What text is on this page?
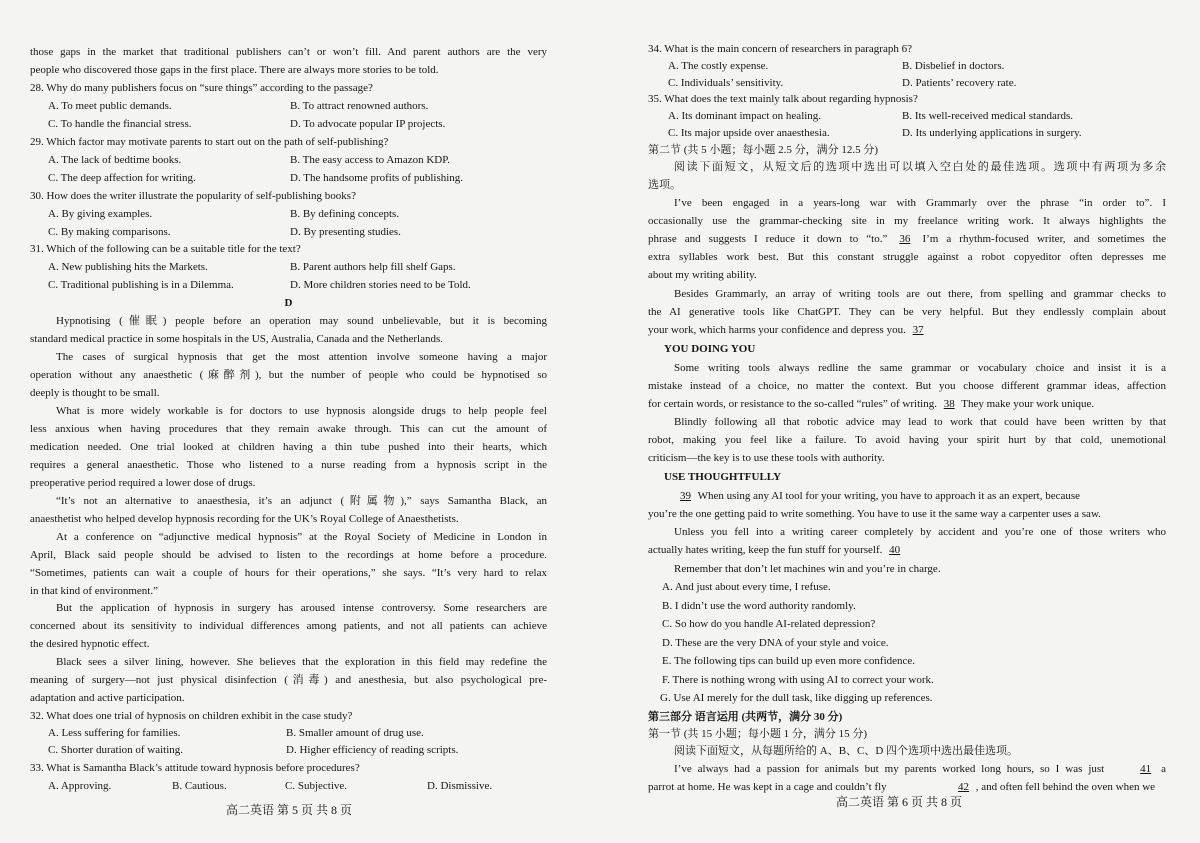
those gaps in the market that traditional publishers can’t or won’t fill. And parent authors are the very
people who discovered those gaps in the first place. There are always more stories to be told.
28. Why do many publishers focus on “sure things” according to the passage?
29. Which factor may motivate parents to start out on the path of self-publishing?
30. How does the writer illustrate the popularity of self-publishing books?
31. Which of the following can be a suitable title for the text?
Hypnotising (催眠) people before an operation may sound unbelievable, but it is becoming
standard medical practice in some hospitals in the US, Australia, Canada and the Netherlands.
The cases of surgical hypnosis that get the most attention involve someone having a major
operation without any anaesthetic (麻醉剂), but the number of people who could be hypnotised so
deeply is thought to be small.
What is more widely workable is for doctors to use hypnosis alongside drugs to help people feel
less anxious when having procedures that they remain awake through. This can cut the amount of
medication needed. One trial looked at children having a thin tube pushed into their hearts, which
requires a general anaesthetic. Those who listened to a nurse reading from a hypnosis script in the
preoperative period required a lower dose of drugs.
“It’s not an alternative to anaesthesia, it’s an adjunct (附属物),” says Samantha Black, an
anaesthetist who helped develop hypnosis recording for the UK’s Royal College of Anaesthetists.
At a conference on “adjunctive medical hypnosis” at the Royal Society of Medicine in London in
April, Black said people should be advised to listen to the recordings at home before a procedure.
“Sometimes, patients can wait a couple of hours for their operations,” she says. “It’s very hard to relax
in that kind of environment.”
But the application of hypnosis in surgery has aroused intense controversy. Some researchers are
concerned about its sensitivity to individual differences among patients, and not all patients can achieve
the desired hypnotic effect.
Black sees a silver lining, however. She believes that the exploration in this field may redefine the
meaning of surgery—not just physical disinfection (消毒) and anesthesia, but also psychological pre-
adaptation and active participation.
32. What does one trial of hypnosis on children exhibit in the case study?
33. What is Samantha Black’s attitude toward hypnosis before procedures?
A. To meet public demands.	B. To attract renowned authors.
C. To handle the financial stress.	D. To advocate popular IP projects.
A. The lack of bedtime books.	B. The easy access to Amazon KDP.
C. The deep affection for writing.	D. The handsome profits of publishing.
A. By giving examples.	B. By defining concepts.
C. By making comparisons.	D. By presenting studies.
A. New publishing hits the Markets.	B. Parent authors help fill shelf Gaps.
C. Traditional publishing is in a Dilemma.	D. More children stories need to be Told.
A. Less suffering for families.	B. Smaller amount of drug use.
C. Shorter duration of waiting.	D. Higher efficiency of reading scripts.
A. Approving.	B. Cautious.	C. Subjective.	D. Dismissive.
D
高二英语 第 5 页 共 8 页
34. What is the main concern of researchers in paragraph 6?
35. What does the text mainly talk about regarding hypnosis?
第二节 (共 5 小题；每小题 2.5 分，满分 12.5 分)
阅读下面短文，从短文后的选项中选出可以填入空白处的最佳选项。选项中有两项为多余
选项。
I’ve been engaged in a years-long war with Grammarly over the phrase “in order to”. I
occasionally use the grammar-checking site in my freelance writing work. It always highlights the
extra syllables work best. But this constant struggle against a robot copyeditor often depresses me
about my writing ability.
Besides Grammarly, an array of writing tools are out there, from spelling and grammar checks to
the AI generative tools like ChatGPT. They can be very helpful. But they endlessly complain about
Some writing tools always redline the same grammar or vocabulary choice and insist it is a
mistake instead of a choice, no matter the context. But you choose different grammar ideas, affection
Blindly following all that robotic advice may lead to work that could have been written by that
robot, making you feel like a failure. To avoid having your spirit hurt by that cold, unemotional
criticism—the key is to use these tools with authority.
you’re the one getting paid to write something. You have to use it the same way a carpenter uses a saw.
Unless you fell into a writing career completely by accident and you’re one of those writers who
Remember that don’t let machines win and you’re in charge.
阅读下面短文，从每题所给的 A、B、C、D 四个选项中选出最佳选项。
parrot at home. He was kept in a cage and couldn’t fly
A. The costly expense.	B. Disbelief in doctors.
C. Individuals’ sensitivity.	D. Patients’ recovery rate.
A. Its dominant impact on healing.	B. Its well-received medical standards.
C. Its major upside over anaesthesia.	D. Its underlying applications in surgery.
phrase and suggests I reduce it down to “to.” 36 I’m a rhythm-focused writer, and sometimes the
your work, which harms your confidence and depress you. 37
YOU DOING YOU
for certain words, or resistance to the so-called “rules” of writing. 38 They make your work unique.
USE THOUGHTFULLY
39 When using any AI tool for your writing, you have to approach it as an expert, because
actually hates writing, keep the fun stuff for yourself. 40
A. And just about every time, I refuse.
B. I didn’t use the word authority randomly.
C. So how do you handle AI-related depression?
D. These are the very DNA of your style and voice.
E. The following tips can build up even more confidence.
F. There is nothing wrong with using AI to correct your work.
G. Use AI merely for the dull task, like digging up references.
第三部分 语言运用 (共两节，满分 30 分)
第一节 (共 15 小题；每小题 1 分，满分 15 分)
I’ve always had a passion for animals but my parents worked long hours, so I was just	41 a
42 , and often fell behind the oven when we
高二英语 第 6 页 共 8 页
